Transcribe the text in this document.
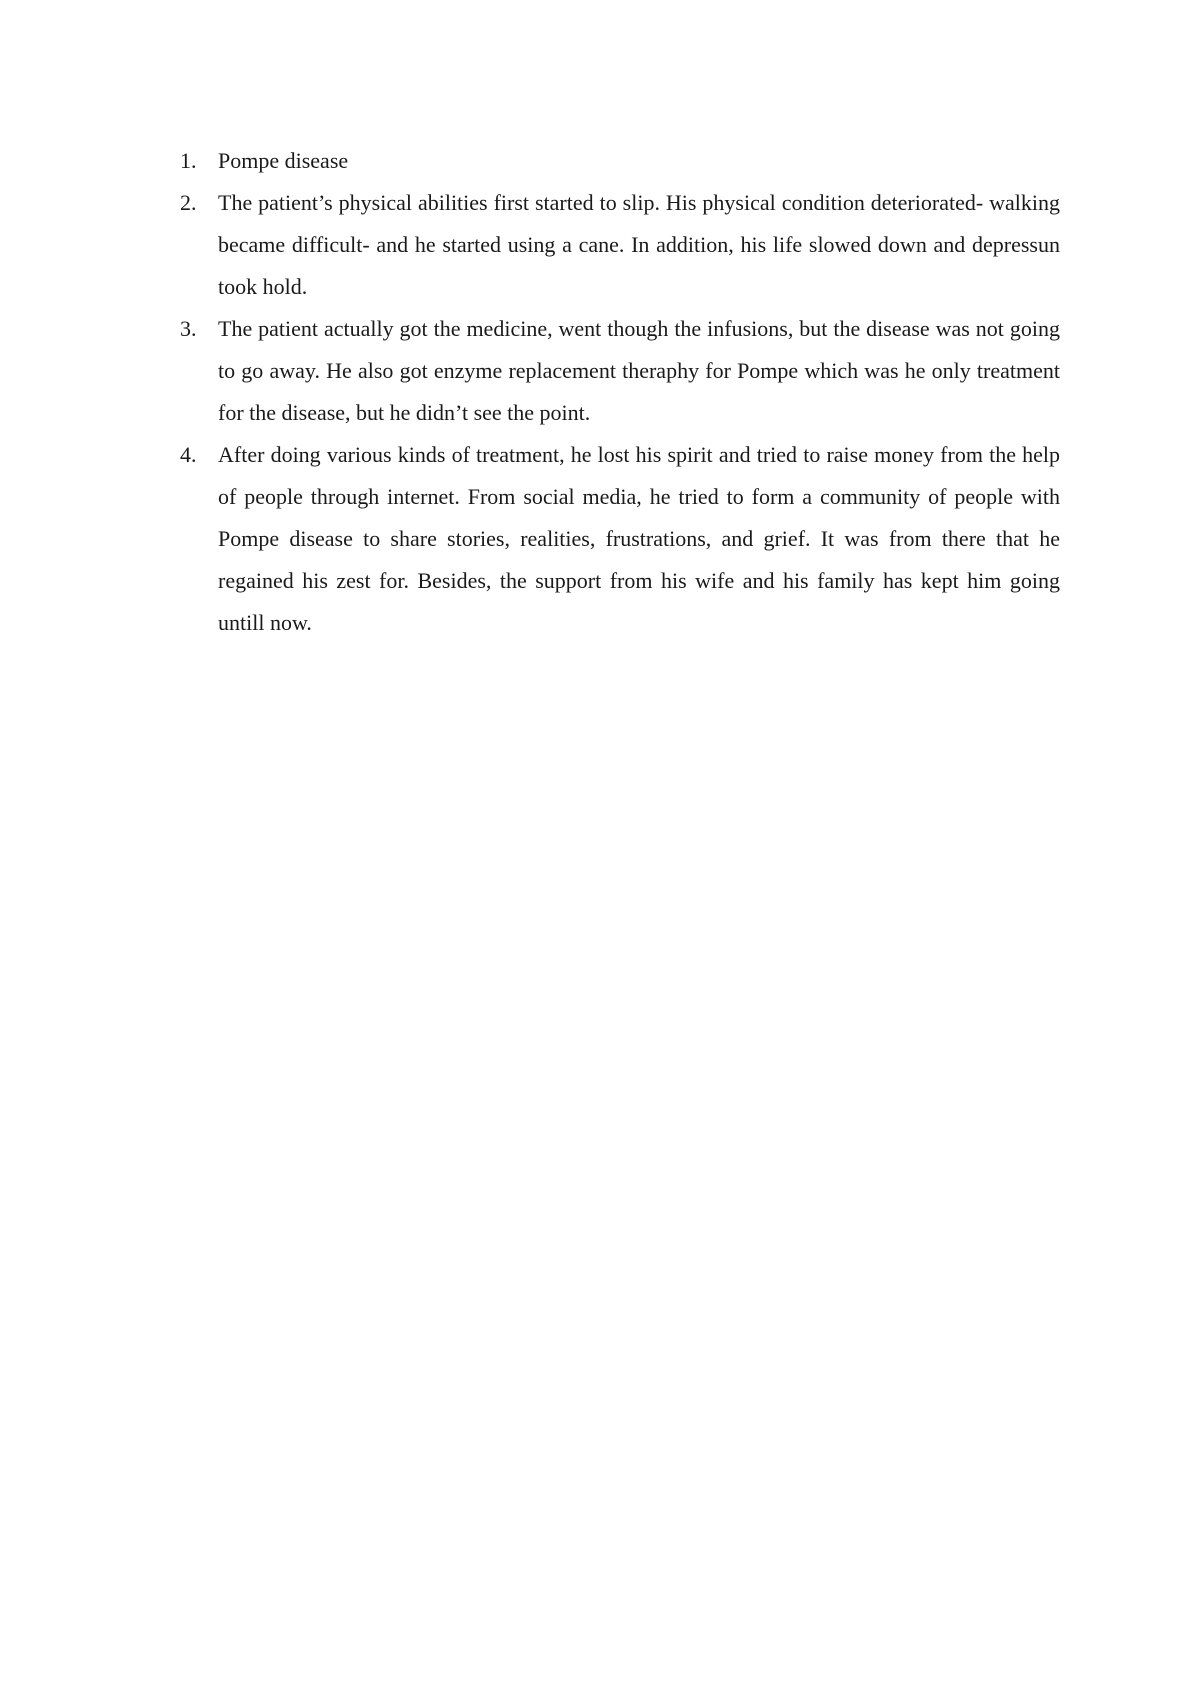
1. Pompe disease
2. The patient’s physical abilities first started to slip. His physical condition deteriorated- walking became difficult- and he started using a cane. In addition, his life slowed down and depressun took hold.
3. The patient actually got the medicine, went though the infusions, but the disease was not going to go away. He also got enzyme replacement theraphy for Pompe which was he only treatment for the disease, but he didn’t see the point.
4. After doing various kinds of treatment, he lost his spirit and tried to raise money from the help of people through internet. From social media, he tried to form a community of people with Pompe disease to share stories, realities, frustrations, and grief. It was from there that he regained his zest for. Besides, the support from his wife and his family has kept him going untill now.
